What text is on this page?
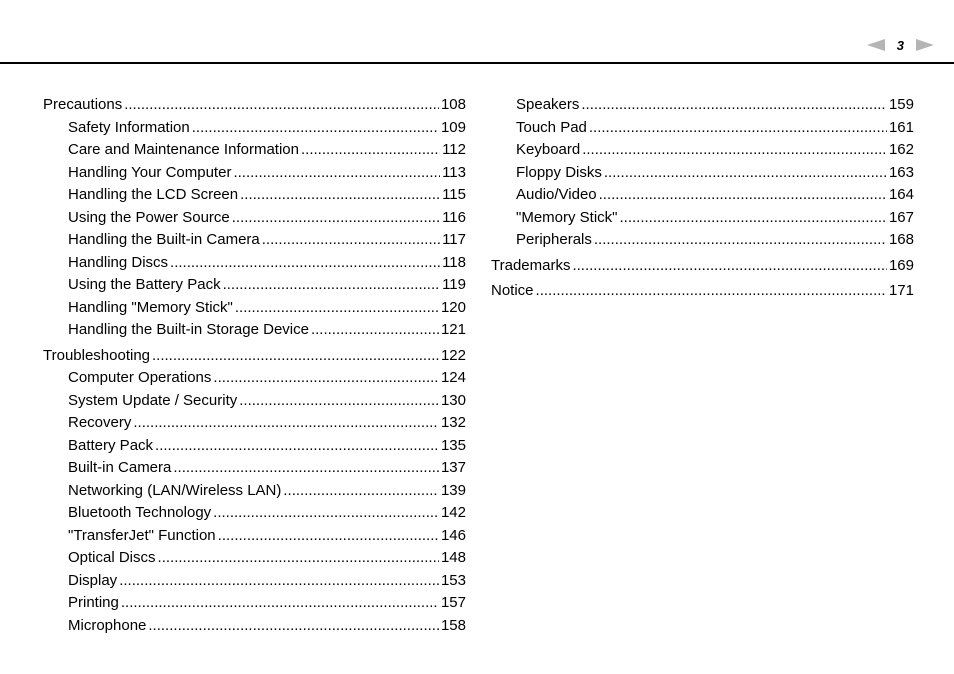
3
Precautions .....	108
Safety Information .....	109
Care and Maintenance Information .....	112
Handling Your Computer .....	113
Handling the LCD Screen .....	115
Using the Power Source .....	116
Handling the Built-in Camera .....	117
Handling Discs .....	118
Using the Battery Pack .....	119
Handling "Memory Stick" .....	120
Handling the Built-in Storage Device .....	121
Troubleshooting .....	122
Computer Operations .....	124
System Update / Security .....	130
Recovery .....	132
Battery Pack .....	135
Built-in Camera .....	137
Networking (LAN/Wireless LAN) .....	139
Bluetooth Technology .....	142
"TransferJet" Function .....	146
Optical Discs .....	148
Display .....	153
Printing .....	157
Microphone .....	158
Speakers .....	159
Touch Pad .....	161
Keyboard .....	162
Floppy Disks .....	163
Audio/Video .....	164
"Memory Stick" .....	167
Peripherals .....	168
Trademarks .....	169
Notice .....	171
